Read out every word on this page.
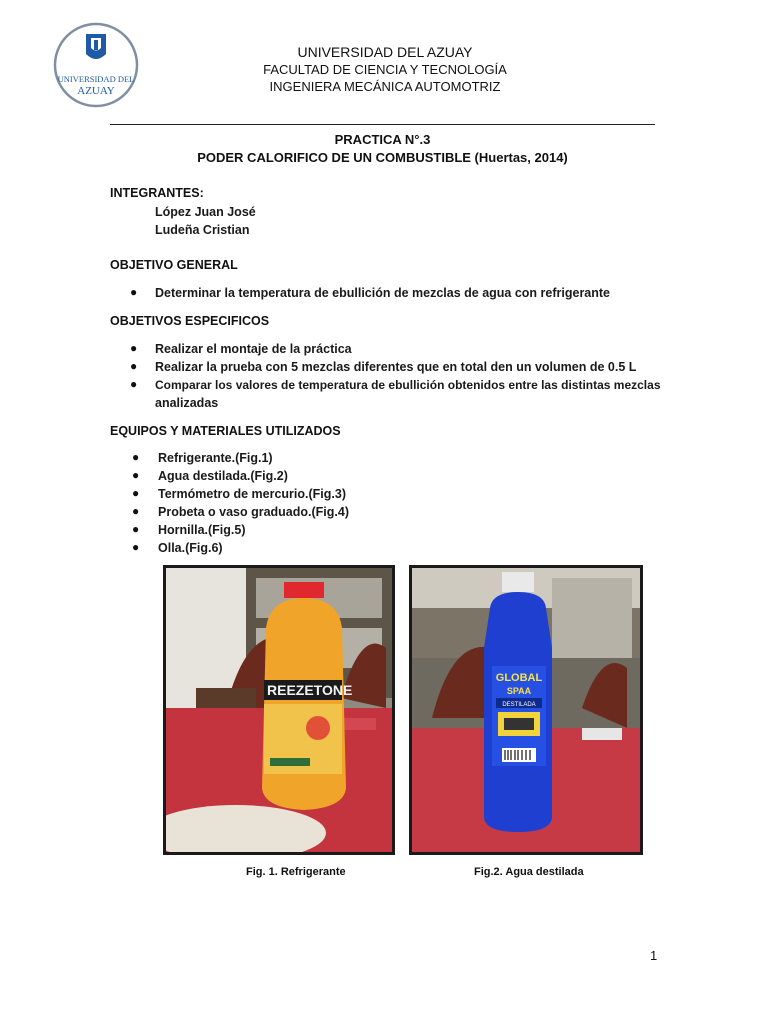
UNIVERSIDAD DEL
AZUAY
UNIVERSIDAD DEL AZUAY
FACULTAD DE CIENCIA Y TECNOLOGÍA
INGENIERA MECÁNICA AUTOMOTRIZ
PRACTICA N°.3
PODER CALORIFICO DE UN COMBUSTIBLE (Huertas, 2014)
INTEGRANTES:
López Juan José
Ludeña Cristian
OBJETIVO GENERAL
● Determinar la temperatura de ebullición de mezclas de agua con refrigerante
OBJETIVOS ESPECIFICOS
● Realizar el montaje de la práctica
● Realizar la prueba con 5 mezclas diferentes que en total den un volumen de 0.5 L
● Comparar los valores de temperatura de ebullición obtenidos entre las distintas mezclas
analizadas
EQUIPOS Y MATERIALES UTILIZADOS
● Refrigerante.(Fig.1)
● Agua destilada.(Fig.2)
● Termómetro de mercurio.(Fig.3)
● Probeta o vaso graduado.(Fig.4)
● Hornilla.(Fig.5)
● Olla.(Fig.6)
REEZETONE
GLOBAL
SPAA
DESTILADA
Fig. 1. Refrigerante	Fig.2. Agua destilada
1
